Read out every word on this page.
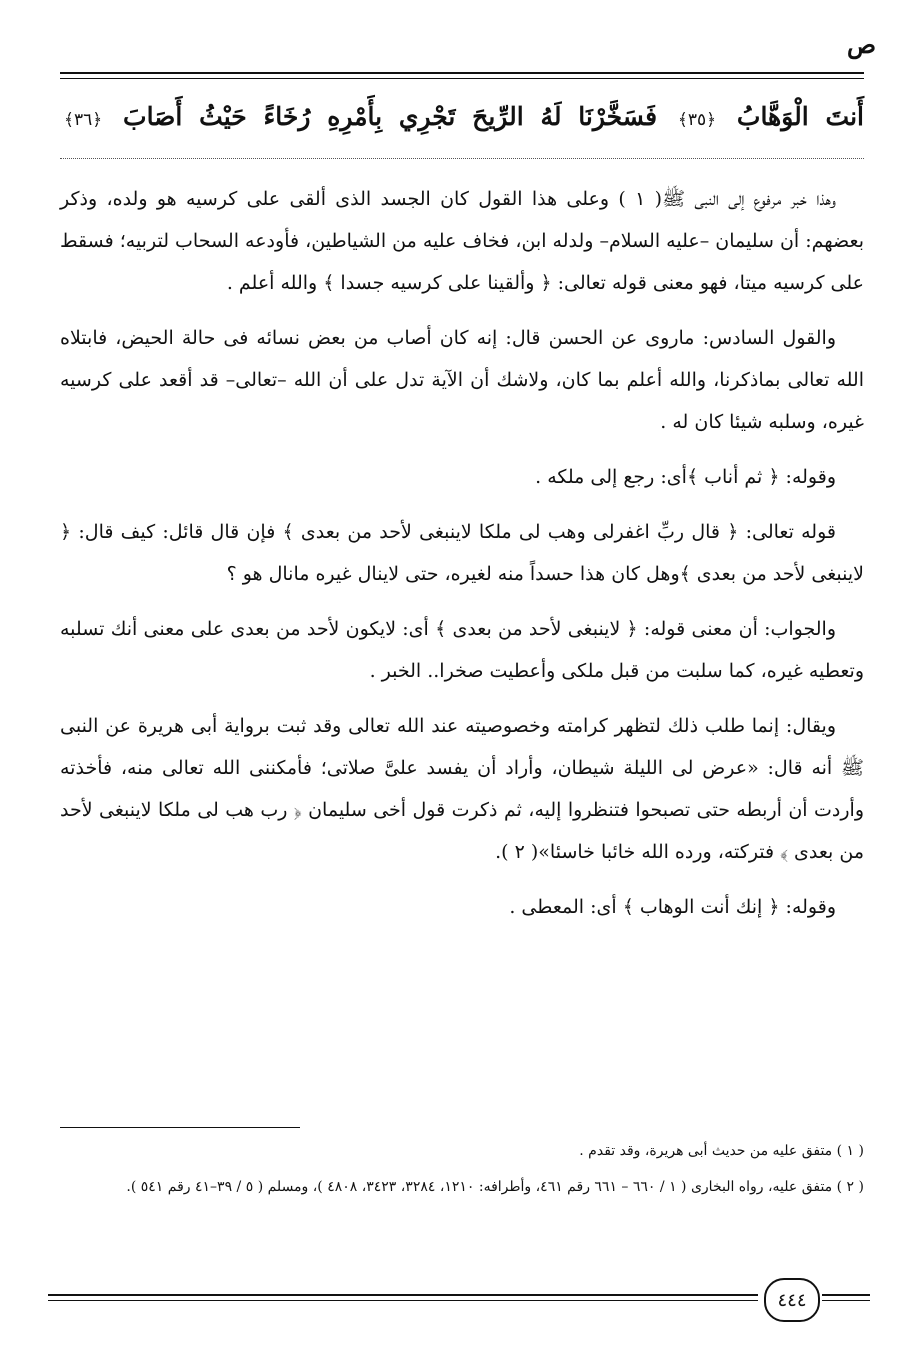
ص
أَنتَ الْوَهَّابُ ﴿٣٥﴾ فَسَخَّرْنَا لَهُ الرِّيحَ تَجْرِي بِأَمْرِهِ رُخَاءً حَيْثُ أَصَابَ ﴿٣٦﴾

وهذا خبر مرفوع إلى النبى ﷺ( ١ ) وعلى هذا القول كان الجسد الذى ألقى على كرسيه هو ولده، وذكر بعضهم: أن سليمان –عليه السلام– ولدله ابن، فخاف عليه من الشياطين، فأودعه السحاب لتربيه؛ فسقط على كرسيه ميتا، فهو معنى قوله تعالى: ﴿ وألقينا على كرسيه جسدا ﴾ والله أعلم .

والقول السادس: ماروى عن الحسن قال: إنه كان أصاب من بعض نسائه فى حالة الحيض، فابتلاه الله تعالى بماذكرنا، والله أعلم بما كان، ولاشك أن الآية تدل على أن الله –تعالى– قد أقعد على كرسيه غيره، وسلبه شيئا كان له .

وقوله: ﴿ ثم أناب ﴾أى: رجع إلى ملكه .

قوله تعالى: ﴿ قال ربِّ اغفرلى وهب لى ملكا لاينبغى لأحد من بعدى ﴾ فإن قال قائل: كيف قال: ﴿ لاينبغى لأحد من بعدى ﴾وهل كان هذا حسداً منه لغيره، حتى لاينال غيره مانال هو ؟

والجواب: أن معنى قوله: ﴿ لاينبغى لأحد من بعدى ﴾ أى: لايكون لأحد من بعدى على معنى أنك تسلبه وتعطيه غيره، كما سلبت من قبل ملكى وأعطيت صخرا.. الخبر .

ويقال: إنما طلب ذلك لتظهر كرامته وخصوصيته عند الله تعالى وقد ثبت برواية أبى هريرة عن النبى ﷺ أنه قال: «عرض لى الليلة شيطان، وأراد أن يفسد علىَّ صلاتى؛ فأمكننى الله تعالى منه، فأخذته وأردت أن أربطه حتى تصبحوا فتنظروا إليه، ثم ذكرت قول أخى سليمان ﴿ رب هب لى ملكا لاينبغى لأحد من بعدى ﴾ فتركته، ورده الله خائبا خاسئا»( ٢ ).

وقوله: ﴿ إنك أنت الوهاب ﴾ أى: المعطى .

( ١ ) متفق عليه من حديث أبى هريرة، وقد تقدم .

( ٢ ) متفق عليه، رواه البخارى ( ١ / ٦٦٠ – ٦٦١ رقم ٤٦١، وأطرافه: ١٢١٠، ٣٢٨٤، ٣٤٢٣، ٤٨٠٨ )، ومسلم ( ٥ / ٣٩–٤١ رقم ٥٤١ ).

٤٤٤
